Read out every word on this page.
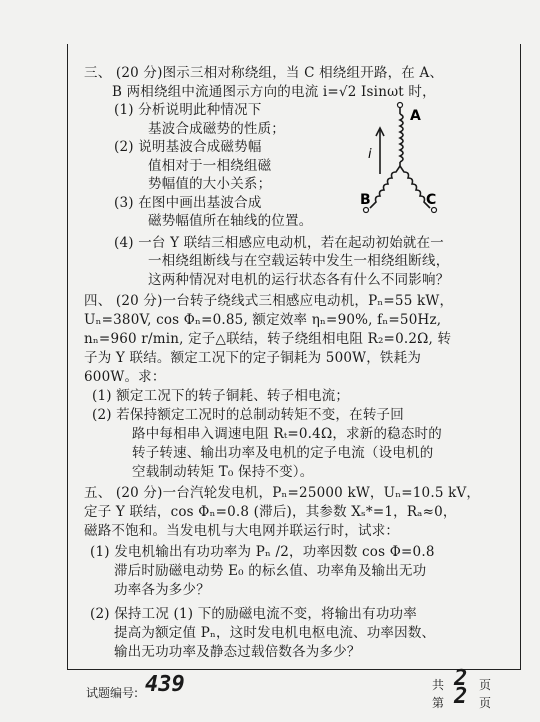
三、 (20 分)图示三相对称绕组，当 C 相绕组开路，在 A、
B 两相绕组中流通图示方向的电流 i=√2 Isinωt 时，
(1) 分析说明此种情况下
基波合成磁势的性质；
(2) 说明基波合成磁势幅
值相对于一相绕组磁
势幅值的大小关系；
(3) 在图中画出基波合成
磁势幅值所在轴线的位置。
(4) 一台 Y 联结三相感应电动机，若在起动初始就在一
一相绕组断线与在空载运转中发生一相绕组断线，
这两种情况对电机的运行状态各有什么不同影响？
A
B	C
i
四、 (20 分)一台转子绕线式三相感应电动机，Pₙ=55 kW，
Uₙ=380V, cos Φₙ=0.85, 额定效率 ηₙ=90%, fₙ=50Hz,
nₙ=960 r/min, 定子△联结，转子绕组相电阻 R₂=0.2Ω, 转
子为 Y 联结。额定工况下的定子铜耗为 500W，铁耗为
600W。求：
(1) 额定工况下的转子铜耗、转子相电流；
(2) 若保持额定工况时的总制动转矩不变，在转子回
路中每相串入调速电阻 Rₜ=0.4Ω，求新的稳态时的
转子转速、输出功率及电机的定子电流（设电机的
空载制动转矩 T₀ 保持不变）。
五、 (20 分)一台汽轮发电机，Pₙ=25000 kW，Uₙ=10.5 kV，
定子 Y 联结，cos Φₙ=0.8 (滞后)，其参数 Xₛ*=1，Rₐ≈0，
磁路不饱和。当发电机与大电网并联运行时，试求：
(1) 发电机输出有功功率为 Pₙ /2，功率因数 cos Φ=0.8
滞后时励磁电动势 E₀ 的标幺值、功率角及输出无功
功率各为多少？
(2) 保持工况 (1) 下的励磁电流不变，将输出有功功率
提高为额定值 Pₙ，这时发电机电枢电流、功率因数、
输出无功功率及静态过载倍数各为多少？
试题编号: 439	共 2 页
第 2 页
